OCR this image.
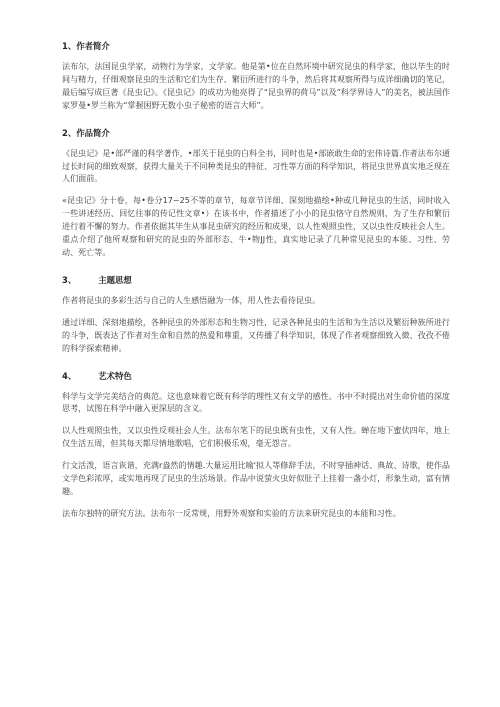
1、作者简介

法布尔，法国昆虫学家，动物行为学家，文学家。他是第•位在自然环境中研究昆虫的科学家，他以毕生的时间与精力，仔细观察昆虫的生活和它们为生存、繁衍所进行的斗争，然后将其观察所得与成详细确切的笔记，最后编写成巨著《昆虫记》。《昆虫记》的成功为他亮得了“昆虫界的荷马”以及“科学界诗人”的美名，被法国作家罗曼•罗兰称为“掌握困野无数小虫子秘密的语言大师”。

2、作品简介

《昆虫记》是•部严谨的科学著作，•部关于昆虫的白科全书，同时也是•部嵌敢生命的宏伟诗篇.作者法布尔通过长时间的细致观察，获得大量关于不同种类昆虫的特征、习性等方面的科学知识，将昆虫世界真实地乏现在人们面前。

«昆虫记》分十卷，每•卷分17~25不等的章节，每章节详细、深刻地描绘•种或几种昆虫的生活，同时收入一些讲述经历、回忆往事的传记性文章•）在该书中，作者描述了小小的昆虫恪守自然规则，为了生存和繁衍进行着不懈的努力。作者依据其毕生从事昆虫研究的经历和成果，以人性观照虫性，又以虫性反映社会人生。重点介绍了他所观察和研究的昆虫的外部形态、牛•物JJ性，真实地记录了几种常见昆虫的本能、习性、劳动、死亡等。

3、	主题思想

作者将昆虫的多彩生活与自己的人生感悟融为一体，用人性去看待昆虫。

通过详细、深刻地描绘，各种昆虫的外部形态和生物习性，记录各种昆虫的生活和为生活以及繁衍种族所进行的斗争，既表达了作者对生命和自然的热爱和尊重，又传播了科学知识，体现了作者观察细致入微、孜孜不倦的科学探索精神。

4、	艺术特色

科学与文学完美结合的典范。这也意味着它既有科学的理性又有文学的感性。书中不时提出对生命价值的深度思考，试图在科学中融入更深层的含义。

以人性观照虫性，又以虫性反观社会人生。法布尔笔下的昆虫既有虫性，又有人性。蝉在地下蜜伏四年，地上仅生活五周，但其每天都尽情地歌唱，它们积极乐观，毫无怨言。

行文活泼，语言诙谐，充满r盎然的情趣.大量运用比喻'拟人等修辞手法，不时穿插神话、典故、诗歌，使作品文学色彩浓厚，或实地再现了昆虫的生活场景。作品中说萤火虫好似肚子上挂着一盏小灯，形象生动，富有情趣。

法布尔独特的研究方法。法布尔一反常规，用野外观察和实验的方法来研究昆虫的本能和习性。
